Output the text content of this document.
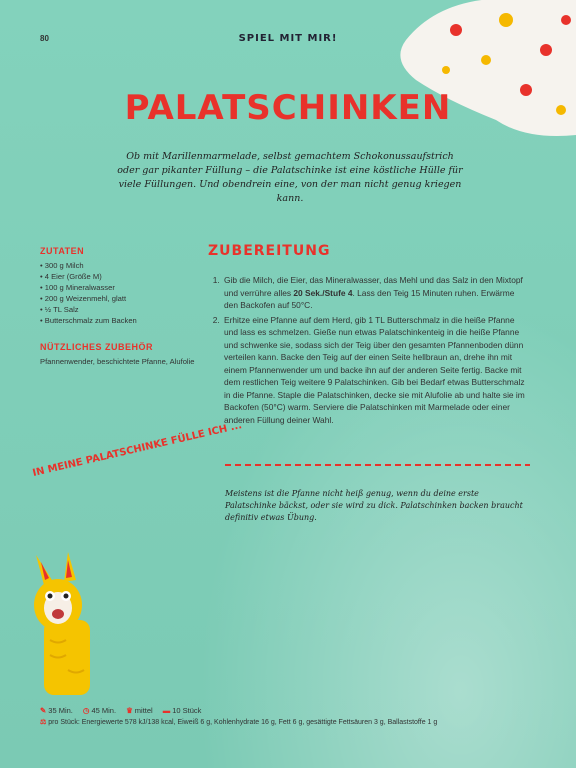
80	SPIEL MIT MIR!
PALATSCHINKEN
Ob mit Marillenmarmelade, selbst gemachtem Schokonussaufstrich oder gar pikanter Füllung – die Palatschinke ist eine köstliche Hülle für viele Füllungen. Und obendrein eine, von der man nicht genug kriegen kann.
ZUTATEN
• 300 g Milch
• 4 Eier (Größe M)
• 100 g Mineralwasser
• 200 g Weizenmehl, glatt
• ½ TL Salz
• Butterschmalz zum Backen
NÜTZLICHES ZUBEHÖR

Pfannenwender, beschichtete Pfanne, Alufolie

ZUBEREITUNG
1. Gib die Milch, die Eier, das Mineralwasser, das Mehl und das Salz in den Mixtopf und verrühre alles 20 Sek./Stufe 4. Lass den Teig 15 Minuten ruhen. Erwärme den Backofen auf 50°C.
2. Erhitze eine Pfanne auf dem Herd, gib 1 TL Butterschmalz in die heiße Pfanne und lass es schmelzen. Gieße nun etwas Palatschinkenteig in die heiße Pfanne und schwenke sie, sodass sich der Teig über den gesamten Pfannenboden dünn verteilen kann. Backe den Teig auf der einen Seite hellbraun an, drehe ihn mit einem Pfannenwender um und backe ihn auf der anderen Seite fertig. Backe mit dem restlichen Teig weitere 9 Palatschinken. Gib bei Bedarf etwas Butterschmalz in die Pfanne. Staple die Palatschinken, decke sie mit Alufolie ab und halte sie im Backofen (50°C) warm. Serviere die Palatschinken mit Marmelade oder einer anderen Füllung deiner Wahl.
IN MEINE PALATSCHINKE FÜLLE ICH ...
Meistens ist die Pfanne nicht heiß genug, wenn du deine erste Palatschinke bäckst, oder sie wird zu dick. Palatschinken backen braucht definitiv etwas Übung.
✎ 35 Min. ◷ 45 Min. ♛ mittel ▬ 10 Stück
⚖ pro Stück: Energiewerte 578 kJ/138 kcal, Eiweiß 6 g, Kohlenhydrate 16 g, Fett 6 g, gesättigte Fettsäuren 3 g, Ballaststoffe 1 g
